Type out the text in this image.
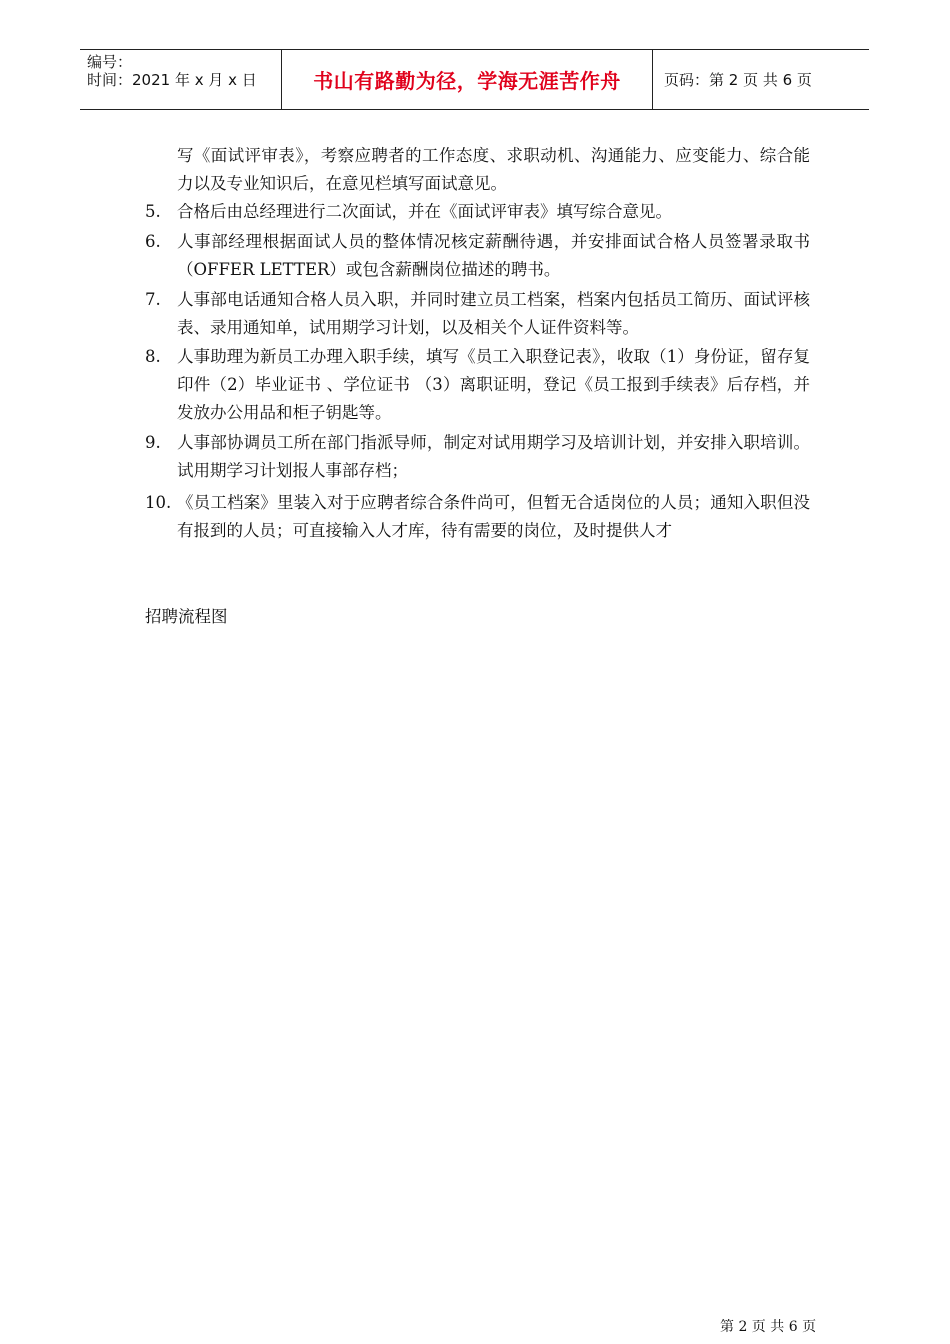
编号：
时间：2021 年 x 月 x 日	书山有路勤为径，学海无涯苦作舟	页码：第 2 页 共 6 页
写《面试评审表》，考察应聘者的工作态度、求职动机、沟通能力、应变能力、综合能力以及专业知识后，在意见栏填写面试意见。
5. 合格后由总经理进行二次面试，并在《面试评审表》填写综合意见。
6. 人事部经理根据面试人员的整体情况核定薪酬待遇，并安排面试合格人员签署录取书（OFFER LETTER）或包含薪酬岗位描述的聘书。
7. 人事部电话通知合格人员入职，并同时建立员工档案，档案内包括员工简历、面试评核表、录用通知单，试用期学习计划，以及相关个人证件资料等。
8. 人事助理为新员工办理入职手续，填写《员工入职登记表》，收取（1）身份证，留存复印件（2）毕业证书 、学位证书 （3）离职证明，登记《员工报到手续表》后存档，并发放办公用品和柜子钥匙等。
9. 人事部协调员工所在部门指派导师，制定对试用期学习及培训计划，并安排入职培训。试用期学习计划报人事部存档；
10. 《员工档案》里装入对于应聘者综合条件尚可，但暂无合适岗位的人员；通知入职但没有报到的人员；可直接输入人才库，待有需要的岗位，及时提供人才
招聘流程图
第 2 页 共 6 页
